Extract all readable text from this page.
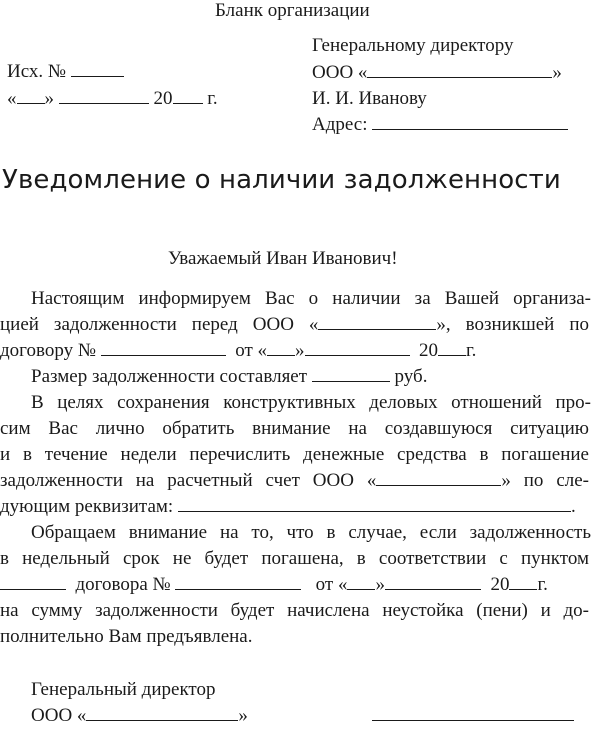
Бланк организации
Исх. №
« »	20 г.
Генеральному директору
ООО «	»
И. И. Иванову
Адрес:
Уведомление о наличии задолженности
Уважаемый Иван Иванович!
Настоящим информируем Вас о наличии за Вашей организа-
цией задолженности перед ООО «	», возникшей по
договору №	от « »	20 г.
Размер задолженности составляет	руб.
В целях сохранения конструктивных деловых отношений про-
сим Вас лично обратить внимание на создавшуюся ситуацию
и в течение недели перечислить денежные средства в погашение
задолженности на расчетный счет ООО «	» по сле-
дующим реквизитам:	.
Обращаем внимание на то, что в случае, если задолженность
в недельный срок не будет погашена, в соответствии с пунктом
договора №	от « »	20 г.
на сумму задолженности будет начислена неустойка (пени) и до-
полнительно Вам предъявлена.
Генеральный директор
ООО «	»
